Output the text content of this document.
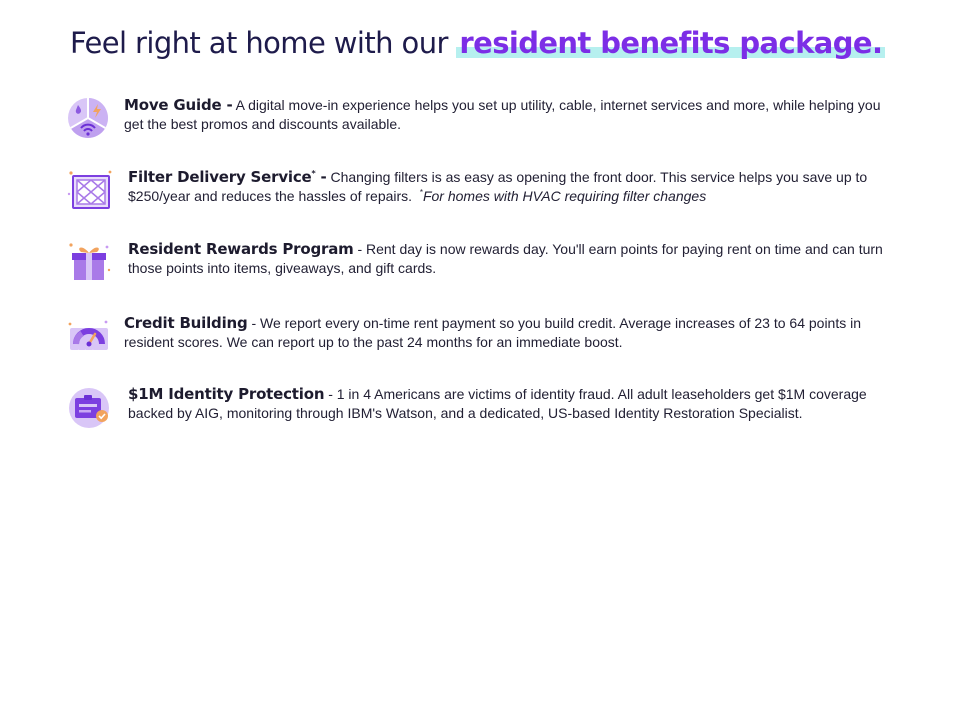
Feel right at home with our resident benefits package.
Move Guide - A digital move-in experience helps you set up utility, cable, internet services and more, while helping you get the best promos and discounts available.
Filter Delivery Service* - Changing filters is as easy as opening the front door. This service helps you save up to $250/year and reduces the hassles of repairs. *For homes with HVAC requiring filter changes
Resident Rewards Program - Rent day is now rewards day. You'll earn points for paying rent on time and can turn those points into items, giveaways, and gift cards.
★★★
Credit Building - We report every on-time rent payment so you build credit. Average increases of 23 to 64 points in resident scores. We can report up to the past 24 months for an immediate boost.
$1M Identity Protection - 1 in 4 Americans are victims of identity fraud. All adult leaseholders get $1M coverage backed by AIG, monitoring through IBM's Watson, and a dedicated, US-based Identity Restoration Specialist.
